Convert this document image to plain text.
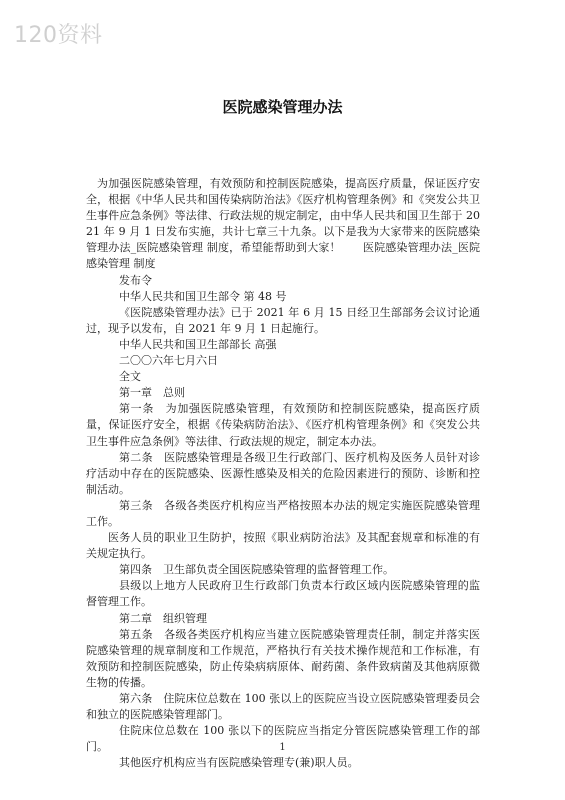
120资料
医院感染管理办法

为加强医院感染管理，有效预防和控制医院感染，提高医疗质量，保证医疗安全，根据《中华人民共和国传染病防治法》《医疗机构管理条例》和《突发公共卫生事件应急条例》等法律、行政法规的规定制定，由中华人民共和国卫生部于 2021 年 9 月 1 日发布实施，共计七章三十九条。以下是我为大家带来的医院感染管理办法_医院感染管理 制度，希望能帮助到大家！　　医院感染管理办法_医院感染管理 制度

发布令

中华人民共和国卫生部令 第 48 号

《医院感染管理办法》已于 2021 年 6 月 15 日经卫生部部务会议讨论通过，现予以发布，自 2021 年 9 月 1 日起施行。

中华人民共和国卫生部部长 高强

二〇〇六年七月六日

全文

第一章　总则

第一条　为加强医院感染管理，有效预防和控制医院感染，提高医疗质量，保证医疗安全，根据《传染病防治法》、《医疗机构管理条例》和《突发公共卫生事件应急条例》等法律、行政法规的规定，制定本办法。

第二条　医院感染管理是各级卫生行政部门、医疗机构及医务人员针对诊疗活动中存在的医院感染、医源性感染及相关的危险因素进行的预防、诊断和控制活动。

第三条　各级各类医疗机构应当严格按照本办法的规定实施医院感染管理工作。

医务人员的职业卫生防护，按照《职业病防治法》及其配套规章和标准的有关规定执行。

第四条　卫生部负责全国医院感染管理的监督管理工作。

县级以上地方人民政府卫生行政部门负责本行政区域内医院感染管理的监督管理工作。

第二章　组织管理

第五条　各级各类医疗机构应当建立医院感染管理责任制，制定并落实医院感染管理的规章制度和工作规范，严格执行有关技术操作规范和工作标准，有效预防和控制医院感染，防止传染病病原体、耐药菌、条件致病菌及其他病原微生物的传播。

第六条　住院床位总数在 100 张以上的医院应当设立医院感染管理委员会和独立的医院感染管理部门。

住院床位总数在 100 张以下的医院应当指定分管医院感染管理工作的部门。

其他医疗机构应当有医院感染管理专(兼)职人员。

1
